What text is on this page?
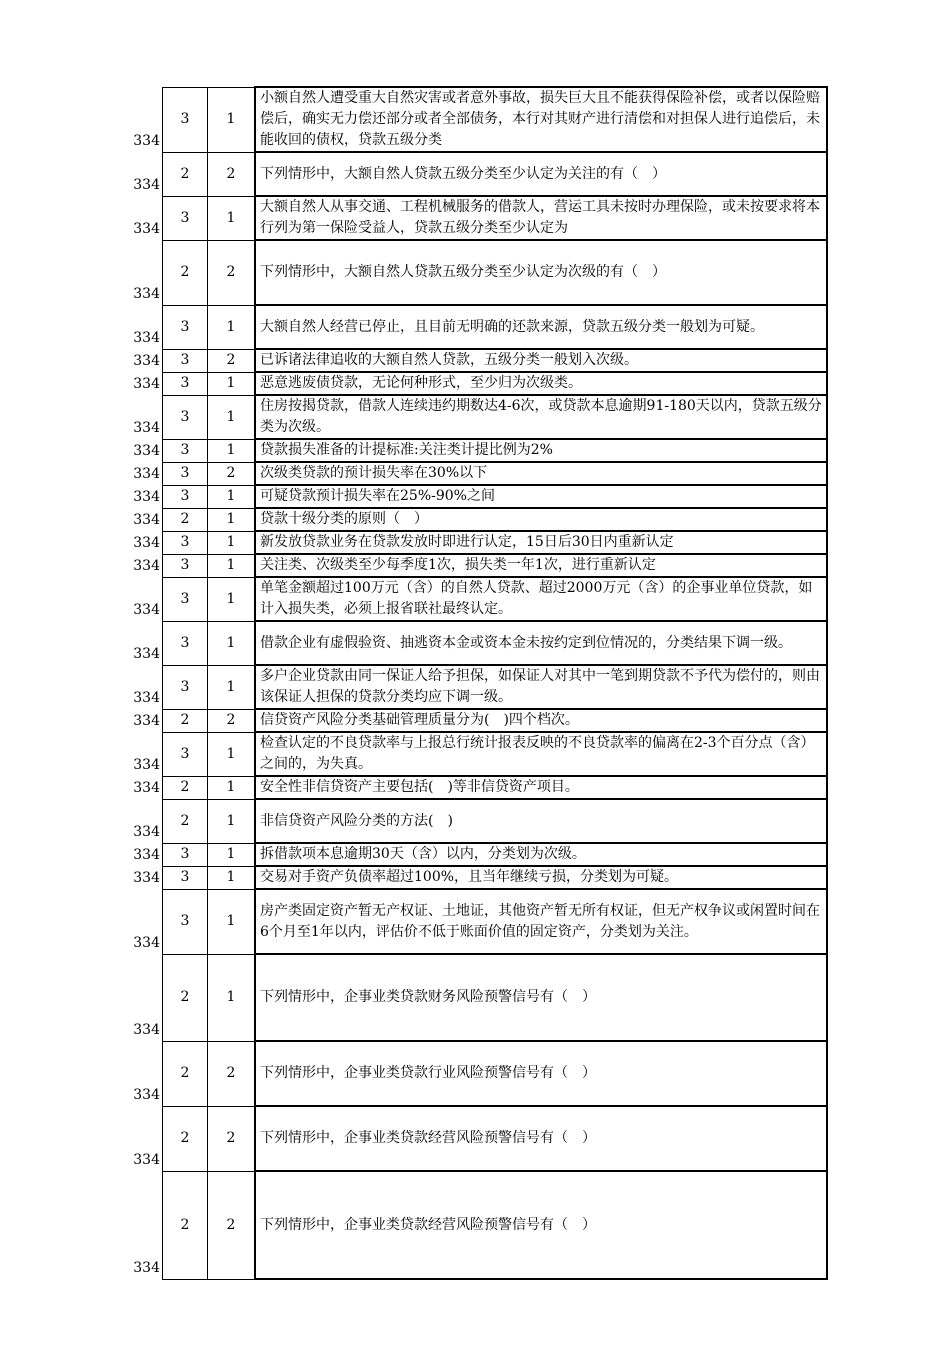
334	3	1	小额自然人遭受重大自然灾害或者意外事故，损失巨大且不能获得保险补偿，或者以保险赔偿后，确实无力偿还部分或者全部债务，本行对其财产进行清偿和对担保人进行追偿后，未能收回的债权，贷款五级分类

334	2	2	下列情形中，大额自然人贷款五级分类至少认定为关注的有（　）

334	3	1	大额自然人从事交通、工程机械服务的借款人，营运工具未按时办理保险，或未按要求将本行列为第一保险受益人，贷款五级分类至少认定为

334	2	2	下列情形中，大额自然人贷款五级分类至少认定为次级的有（　）

334	3	1	大额自然人经营已停止，且目前无明确的还款来源，贷款五级分类一般划为可疑。

334	3	2	已诉诸法律追收的大额自然人贷款，五级分类一般划入次级。

334	3	1	恶意逃废债贷款，无论何种形式，至少归为次级类。

334	3	1	住房按揭贷款，借款人连续违约期数达4-6次，或贷款本息逾期91-180天以内，贷款五级分类为次级。

334	3	1	贷款损失准备的计提标准:关注类计提比例为2%

334	3	2	次级类贷款的预计损失率在30%以下

334	3	1	可疑贷款预计损失率在25%-90%之间

334	2	1	贷款十级分类的原则（　）

334	3	1	新发放贷款业务在贷款发放时即进行认定，15日后30日内重新认定

334	3	1	关注类、次级类至少每季度1次，损失类一年1次，进行重新认定

334	3	1	单笔金额超过100万元（含）的自然人贷款、超过2000万元（含）的企事业单位贷款，如计入损失类，必须上报省联社最终认定。

334	3	1	借款企业有虚假验资、抽逃资本金或资本金未按约定到位情况的，分类结果下调一级。

334	3	1	多户企业贷款由同一保证人给予担保，如保证人对其中一笔到期贷款不予代为偿付的，则由该保证人担保的贷款分类均应下调一级。

334	2	2	信贷资产风险分类基础管理质量分为(　)四个档次。

334	3	1	检查认定的不良贷款率与上报总行统计报表反映的不良贷款率的偏离在2-3个百分点（含）之间的，为失真。

334	2	1	安全性非信贷资产主要包括(　)等非信贷资产项目。

334	2	1	非信贷资产风险分类的方法(　)

334	3	1	拆借款项本息逾期30天（含）以内，分类划为次级。

334	3	1	交易对手资产负债率超过100%，且当年继续亏损，分类划为可疑。

334	3	1	房产类固定资产暂无产权证、土地证，其他资产暂无所有权证，但无产权争议或闲置时间在6个月至1年以内，评估价不低于账面价值的固定资产，分类划为关注。

334	2	1	下列情形中，企事业类贷款财务风险预警信号有（　）

334	2	2	下列情形中，企事业类贷款行业风险预警信号有（　）

334	2	2	下列情形中，企事业类贷款经营风险预警信号有（　）

334	2	2	下列情形中，企事业类贷款经营风险预警信号有（　）
